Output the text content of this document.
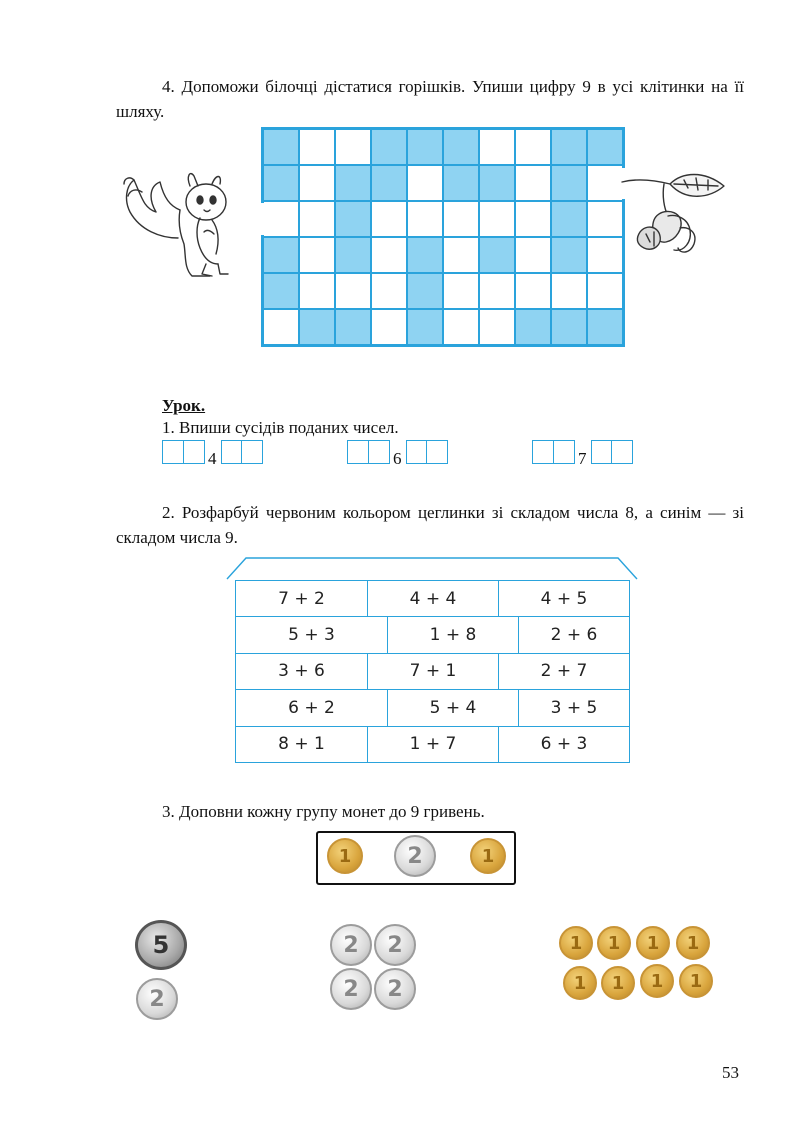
4. Допоможи білочці дістатися горішків. Упиши цифру 9 в усі клітинки на її шляху.
Урок.
1. Впиши сусідів поданих чисел.
4	6	7
2. Розфарбуй червоним кольором цеглинки зі складом числа 8, а синім — зі складом числа 9.
7 + 2	4 + 4	4 + 5
5 + 3	1 + 8	2 + 6
3 + 6	7 + 1	2 + 7
6 + 2	5 + 4	3 + 5
8 + 1	1 + 7	6 + 3
3. Доповни кожну групу монет до 9 гривень.
1	2	1
5
2
2	2
2	2
1	1	1	1
1	1	1	1
53
